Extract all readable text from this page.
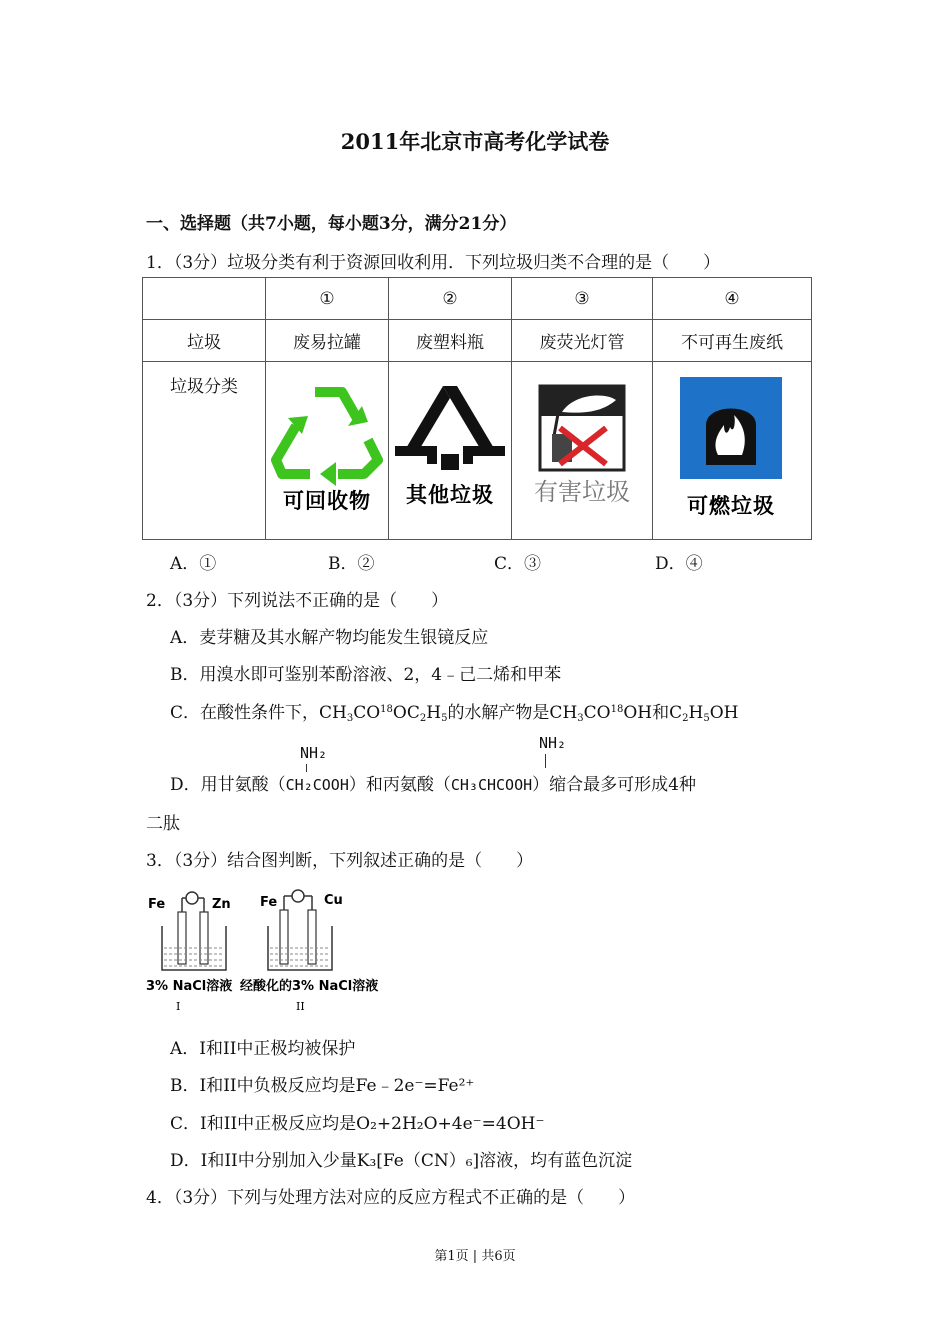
2011年北京市高考化学试卷
一、选择题（共7小题，每小题3分，满分21分）
1．（3分）垃圾分类有利于资源回收利用．下列垃圾归类不合理的是（　　）
	①	②	③	④
垃圾	废易拉罐	废塑料瓶	废荧光灯管	不可再生废纸
垃圾分类	可回收物	其他垃圾	有害垃圾	可燃垃圾
A．①	B．②	C．③	D．④
2．（3分）下列说法不正确的是（　　）
A．麦芽糖及其水解产物均能发生银镜反应
B．用溴水即可鉴别苯酚溶液、2，4﹣己二烯和甲苯
C．在酸性条件下，$CH_3CO^{18}OC_2H_5$的水解产物是$CH_3CO^{18}OH$和$C_2H_5OH$
NH₂
NH₂
D．用甘氨酸（CH₂COOH）和丙氨酸（CH₃CHCOOH）缩合最多可形成4种
二肽
3．（3分）结合图判断，下列叙述正确的是（　　）
Fe	Zn
3% NaCl溶液
I
Fe	Cu
经酸化的3% NaCl溶液
II
A．I和II中正极均被保护
B．I和II中负极反应均是Fe﹣2e⁻=Fe²⁺
C．I和II中正极反应均是O₂+2H₂O+4e⁻=4OH⁻
D．I和II中分别加入少量K₃[Fe（CN）₆]溶液，均有蓝色沉淀
4．（3分）下列与处理方法对应的反应方程式不正确的是（　　）
第1页 | 共6页
